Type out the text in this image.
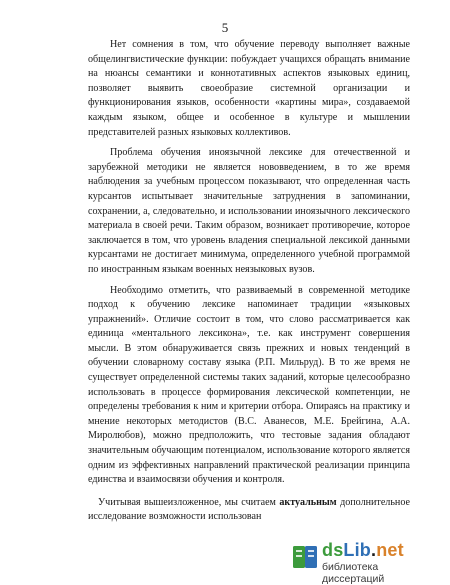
5

Нет сомнения в том, что обучение переводу выполняет важные общелингвистические функции: побуждает учащихся обращать внимание на нюансы семантики и коннотативных аспектов языковых единиц, позволяет выявить своеобразие системной организации и функционирования языков, особенности «картины мира», создаваемой каждым языком, общее и особенное в культуре и мышлении представителей разных языковых коллективов.

Проблема обучения иноязычной лексике для отечественной и зарубежной методики не является нововведением, в то же время наблюдения за учебным процессом показывают, что определенная часть курсантов испытывает значительные затруднения в запоминании, сохранении, а, следовательно, и использовании иноязычного лексического материала в своей речи. Таким образом, возникает противоречие, которое заключается в том, что уровень владения специальной лексикой данными курсантами не достигает минимума, определенного учебной программой по иностранным языкам военных неязыковых вузов.

Необходимо отметить, что развиваемый в современной методике подход к обучению лексике напоминает традиции «языковых упражнений». Отличие состоит в том, что слово рассматривается как единица «ментального лексикона», т.е. как инструмент совершения мысли. В этом обнаруживается связь прежних и новых тенденций в обучении словарному составу языка (Р.П. Мильруд). В то же время не существует определенной системы таких заданий, которые целесообразно использовать в процессе формирования лексической компетенции, не определены требования к ним и критерии отбора. Опираясь на практику и мнение некоторых методистов (В.С. Аванесов, М.Е. Брейгина, А.А. Миролюбов), можно предположить, что тестовые задания обладают значительным обучающим потенциалом, использование которого является одним из эффективных направлений практической реализации принципа единства и взаимосвязи обучения и контроля.

Учитывая вышеизложенное, мы считаем актуальным дополнительное исследование возможности использован

dsLib.net
библиотека диссертаций
